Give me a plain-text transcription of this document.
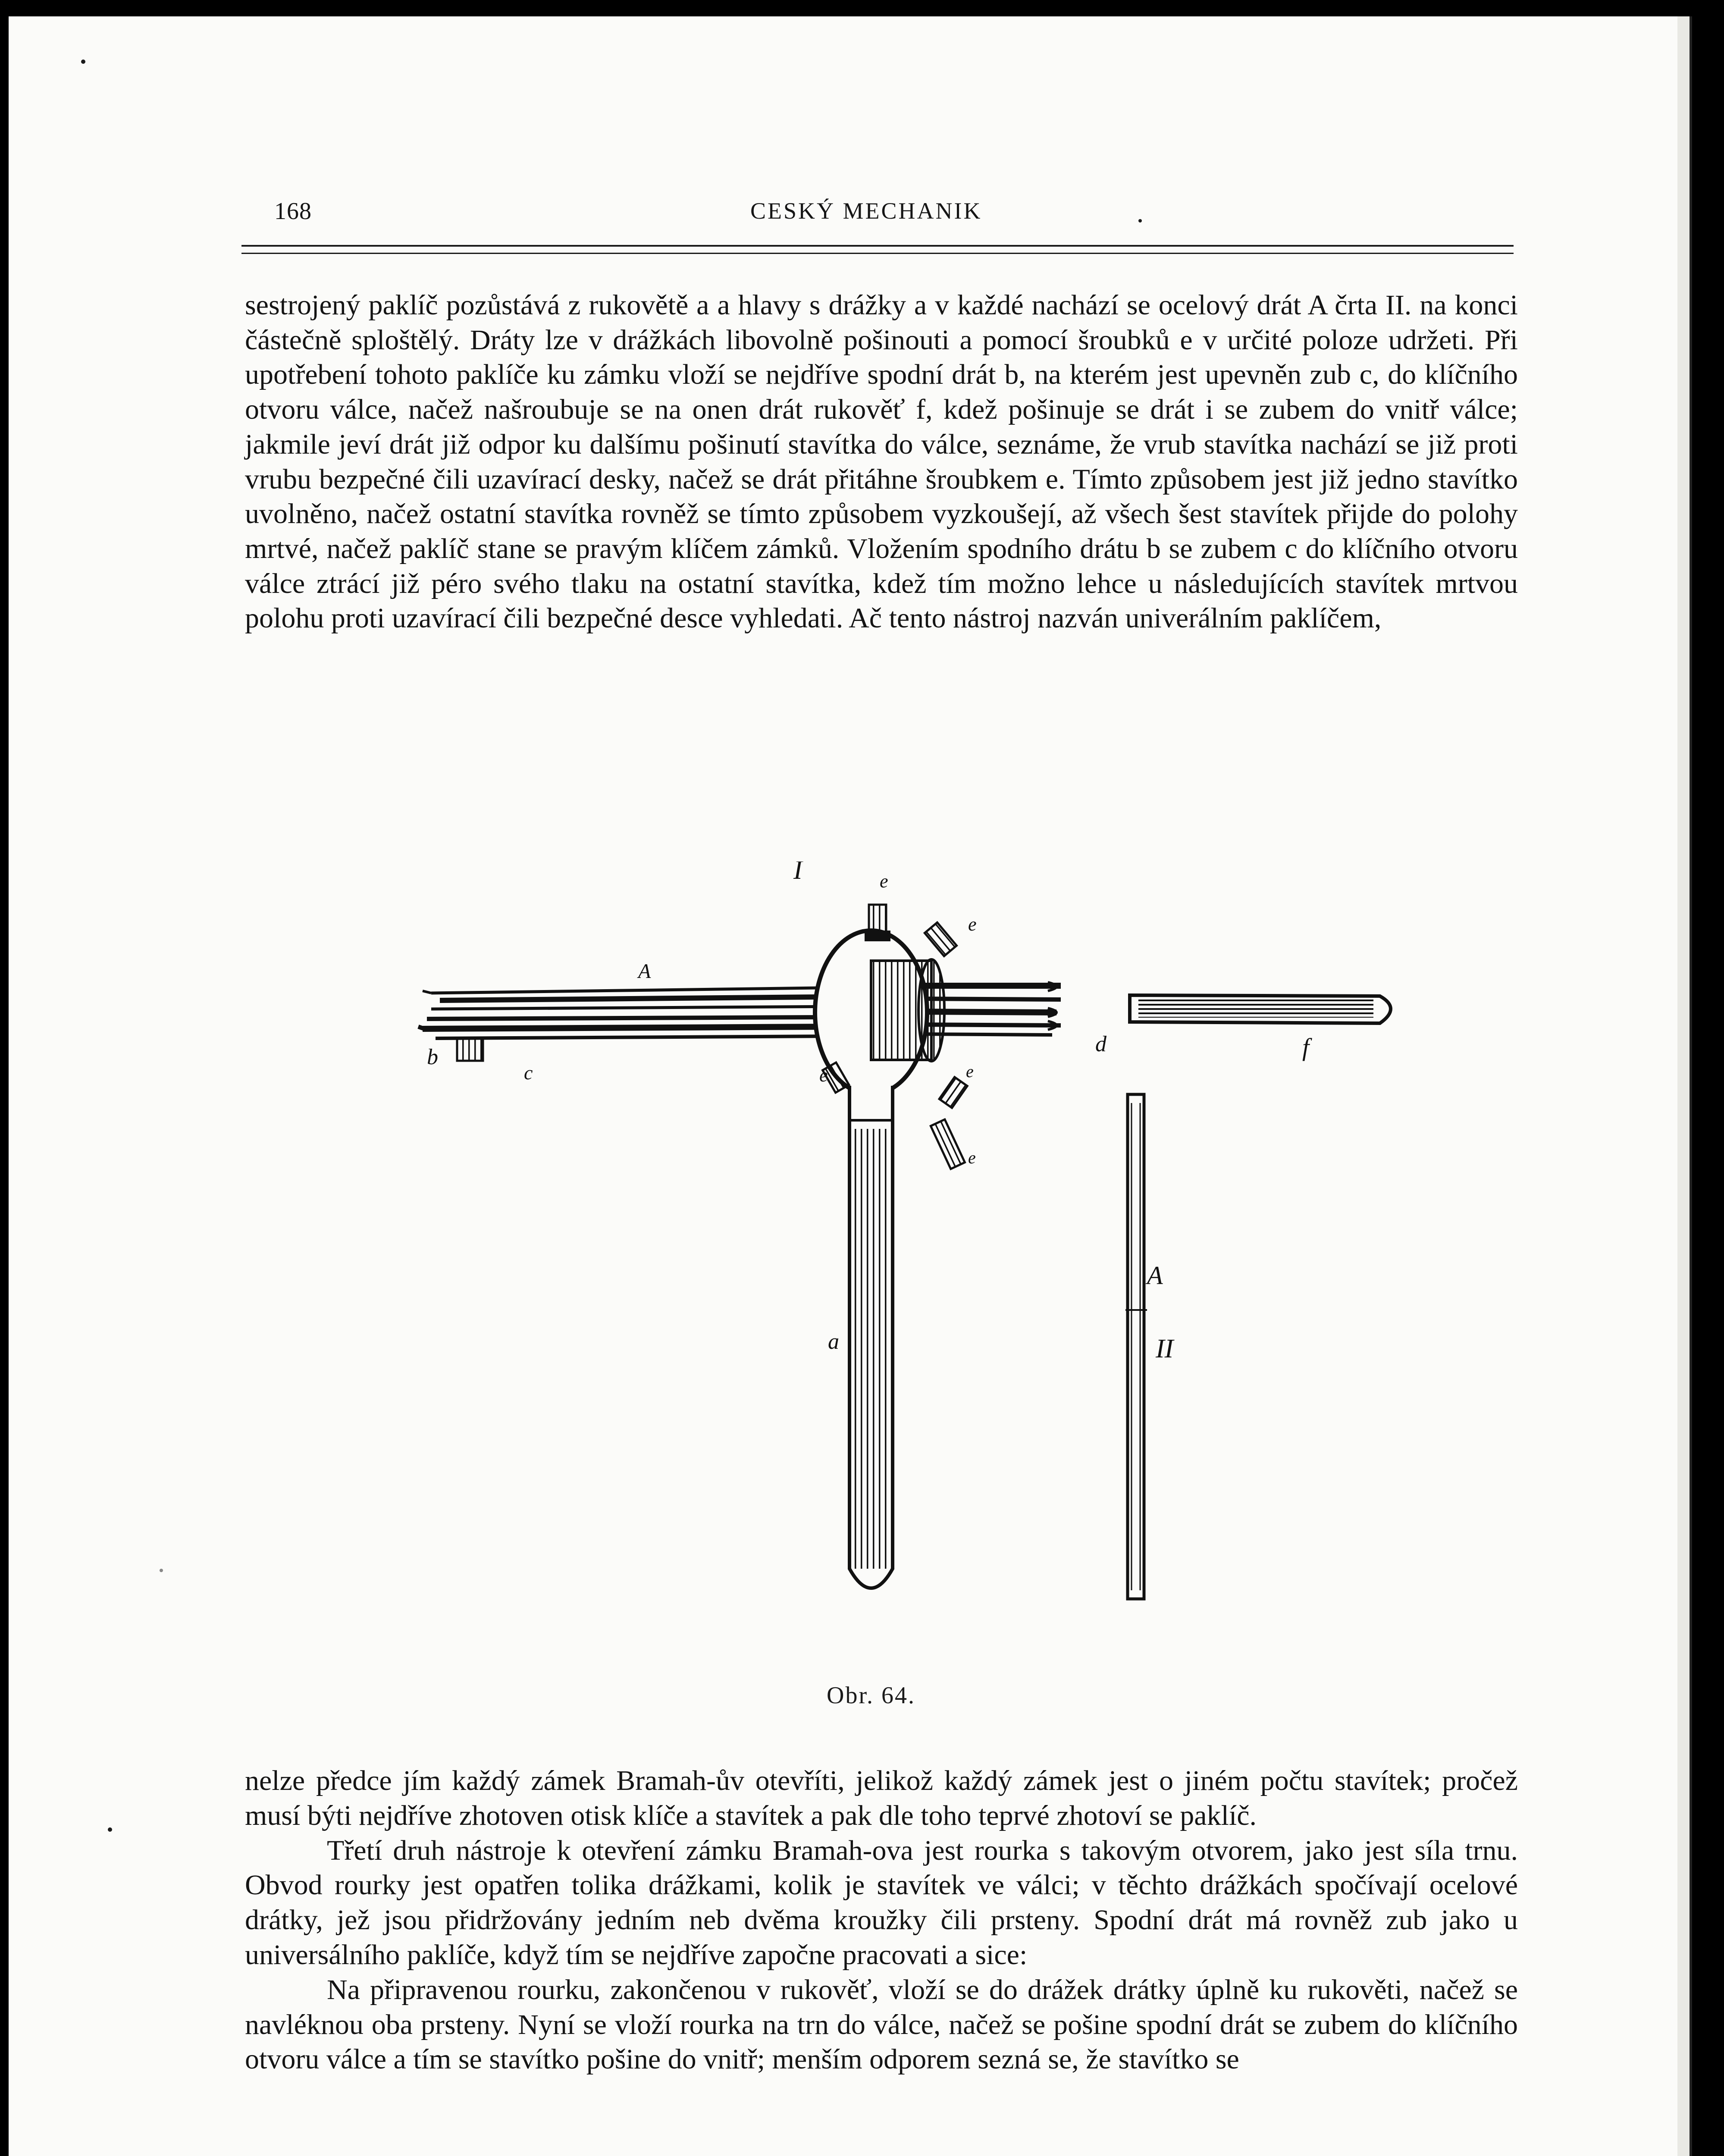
168	CESKÝ MECHANIK

sestrojený paklíč pozůstává z rukovětě a a hlavy s drážky a v každé nachází se ocelový drát A črta II. na konci částečně sploštělý. Dráty lze v drážkách libovolně pošinouti a pomocí šroubků e v určité poloze udržeti. Při upotřebení tohoto paklíče ku zámku vloží se nejdříve spodní drát b, na kterém jest upevněn zub c, do klíčního otvoru válce, načež našroubuje se na onen drát rukověť f, kdež pošinuje se drát i se zubem do vnitř válce; jakmile jeví drát již odpor ku dalšímu pošinutí stavítka do válce, seznáme, že vrub stavítka nachází se již proti vrubu bezpečné čili uzavírací desky, načež se drát přitáhne šroubkem e. Tímto způsobem jest již jedno stavítko uvolněno, načež ostatní stavítka rovněž se tímto způsobem vyzkoušejí, až všech šest stavítek přijde do polohy mrtvé, načež paklíč stane se pravým klíčem zámků. Vložením spodního drátu b se zubem c do klíčního otvoru válce ztrácí již péro svého tlaku na ostatní stavítka, kdež tím možno lehce u následujících stavítek mrtvou polohu proti uzavírací čili bezpečné desce vyhledati. Ač tento nástroj nazván univerálním paklíčem,

I	e
e
A
b
c	e	e
e
d	f
a
A
II
Obr. 64.

nelze předce jím každý zámek Bramah-ův otevříti, jelikož každý zámek jest o jiném počtu stavítek; pročež musí býti nejdříve zhotoven otisk klíče a stavítek a pak dle toho teprvé zhotoví se paklíč.

Třetí druh nástroje k otevření zámku Bramah-ova jest rourka s takovým otvorem, jako jest síla trnu. Obvod rourky jest opatřen tolika drážkami, kolik je stavítek ve válci; v těchto drážkách spočívají ocelové drátky, jež jsou přidržovány jedním neb dvěma kroužky čili prsteny. Spodní drát má rovněž zub jako u universálního paklíče, když tím se nejdříve započne pracovati a sice:

Na připravenou rourku, zakončenou v rukověť, vloží se do drážek drátky úplně ku rukověti, načež se navléknou oba prsteny. Nyní se vloží rourka na trn do válce, načež se pošine spodní drát se zubem do klíčního otvoru válce a tím se stavítko pošine do vnitř; menším odporem sezná se, že stavítko se
